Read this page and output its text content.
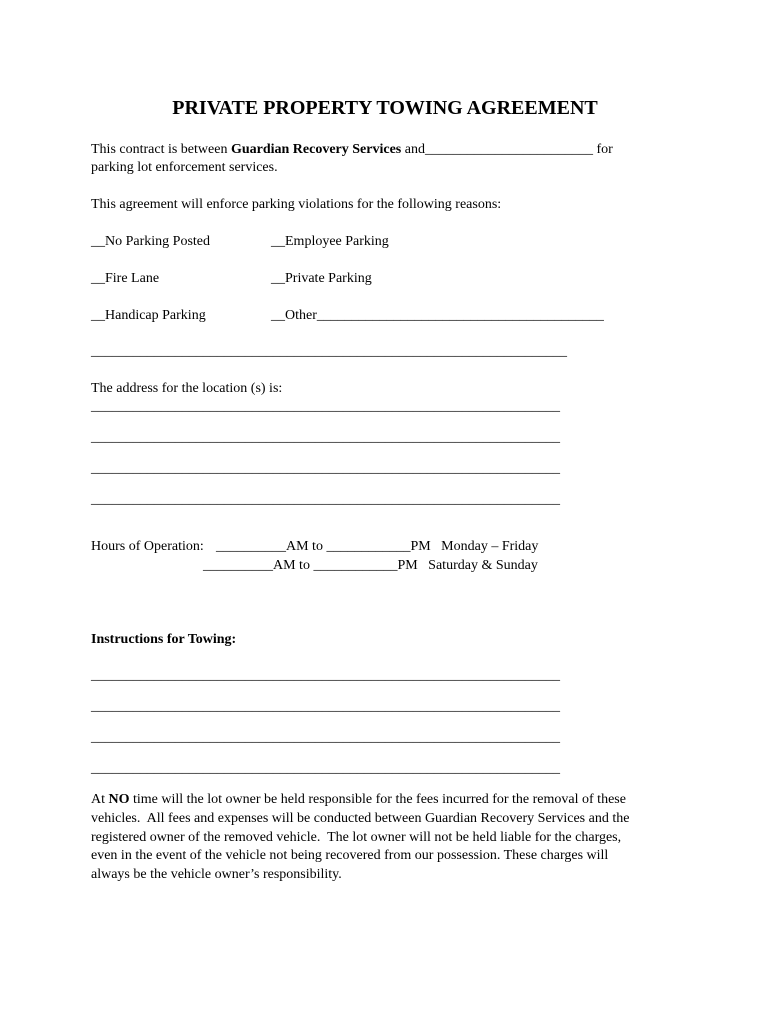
PRIVATE PROPERTY TOWING AGREEMENT
This contract is between Guardian Recovery Services and________________________ for
parking lot enforcement services.
This agreement will enforce parking violations for the following reasons:
__No Parking Posted	__Employee Parking
__Fire Lane	__Private Parking
__Handicap Parking	__Other_________________________________________
____________________________________________________________________
The address for the location (s) is:
___________________________________________________________________
___________________________________________________________________
___________________________________________________________________
___________________________________________________________________
Hours of Operation: __________AM to ____________PM   Monday – Friday
__________AM to ____________PM   Saturday & Sunday
Instructions for Towing:
___________________________________________________________________
___________________________________________________________________
___________________________________________________________________
___________________________________________________________________
At NO time will the lot owner be held responsible for the fees incurred for the removal of these
vehicles.  All fees and expenses will be conducted between Guardian Recovery Services and the
registered owner of the removed vehicle.  The lot owner will not be held liable for the charges,
even in the event of the vehicle not being recovered from our possession. These charges will
always be the vehicle owner’s responsibility.
